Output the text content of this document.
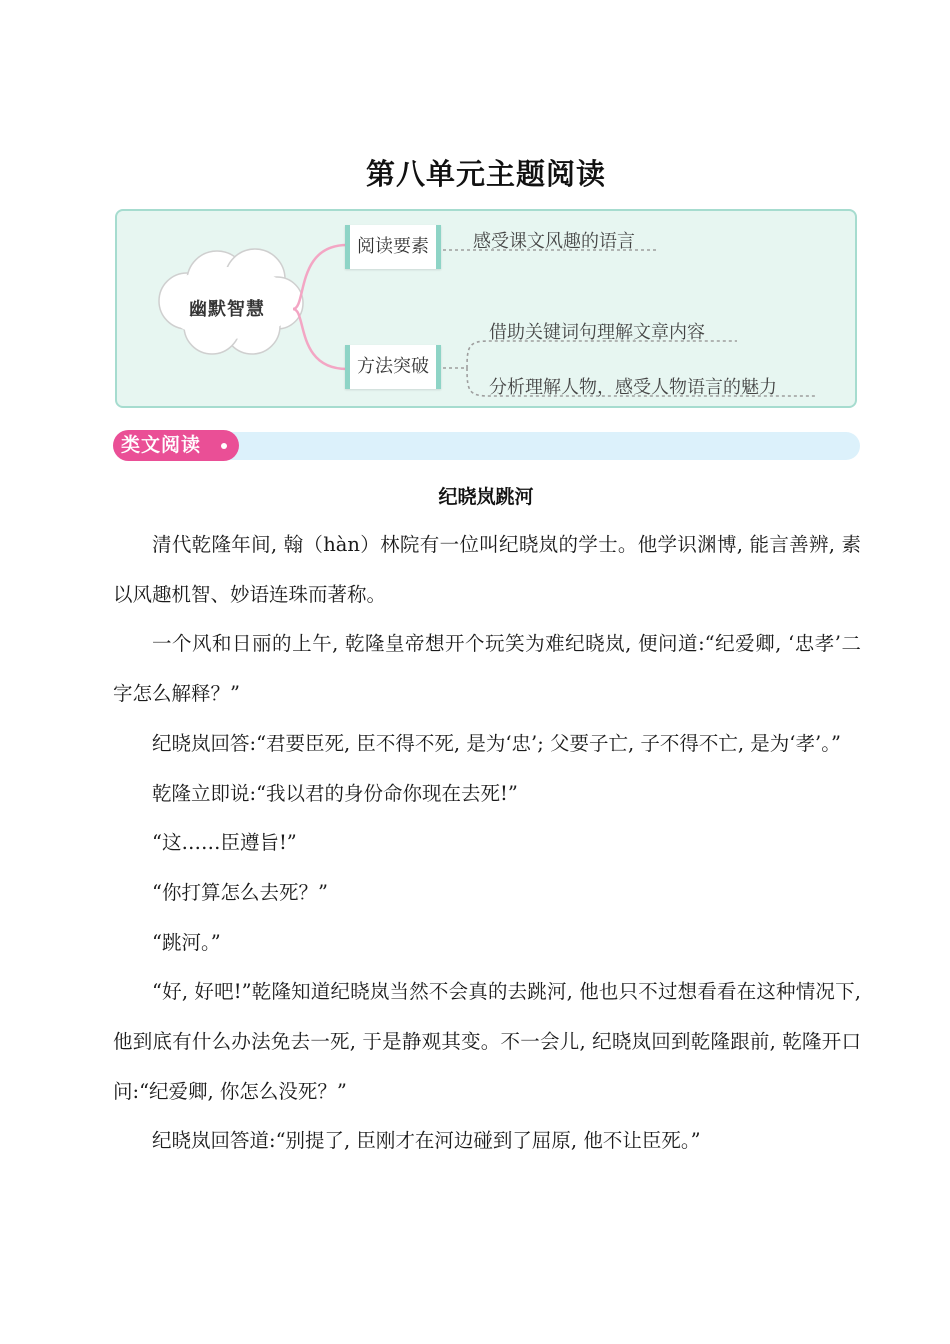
第八单元主题阅读
幽默智慧
阅读要素
方法突破
感受课文风趣的语言
借助关键词句理解文章内容
分析理解人物，感受人物语言的魅力
类文阅读
纪晓岚跳河

清代乾隆年间, 翰（hàn）林院有一位叫纪晓岚的学士。他学识渊博, 能言善辨, 素以风趣机智、妙语连珠而著称。

一个风和日丽的上午, 乾隆皇帝想开个玩笑为难纪晓岚, 便问道:“纪爱卿, ‘忠孝’二字怎么解释？”

纪晓岚回答:“君要臣死, 臣不得不死, 是为‘忠’; 父要子亡, 子不得不亡, 是为‘孝’。”

乾隆立即说:“我以君的身份命你现在去死!”

“这……臣遵旨!”

“你打算怎么去死？”

“跳河。”

“好, 好吧!”乾隆知道纪晓岚当然不会真的去跳河, 他也只不过想看看在这种情况下, 他到底有什么办法免去一死, 于是静观其变。不一会儿, 纪晓岚回到乾隆跟前, 乾隆开口问:“纪爱卿, 你怎么没死？”

纪晓岚回答道:“别提了, 臣刚才在河边碰到了屈原, 他不让臣死。”
